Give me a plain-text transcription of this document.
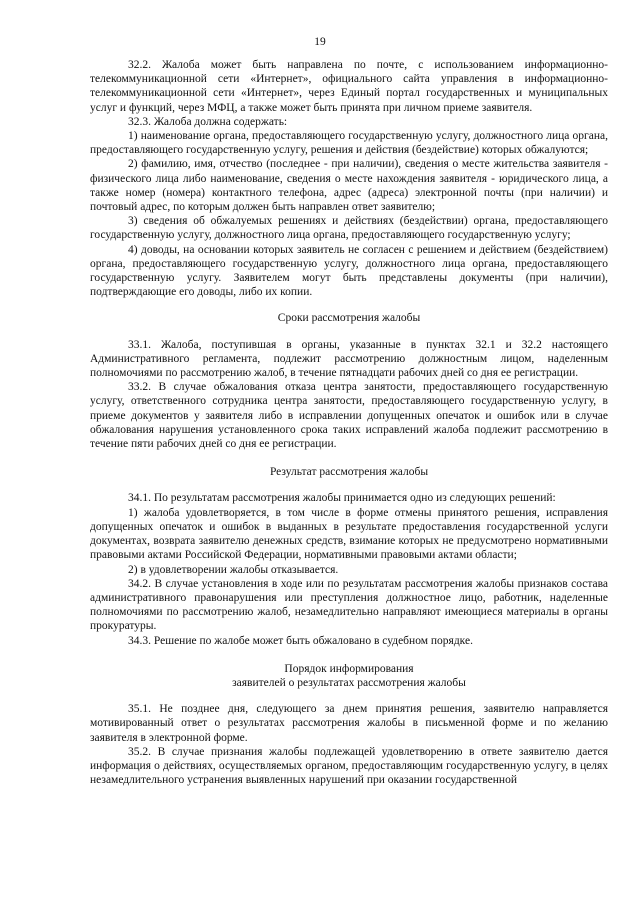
19

32.2. Жалоба может быть направлена по почте, с использованием информационно-телекоммуникационной сети «Интернет», официального сайта управления в информационно-телекоммуникационной сети «Интернет», через Единый портал государственных и муниципальных услуг и функций, через МФЦ, а также может быть принята при личном приеме заявителя.

32.3. Жалоба должна содержать:

1) наименование органа, предоставляющего государственную услугу, должностного лица органа, предоставляющего государственную услугу, решения и действия (бездействие) которых обжалуются;

2) фамилию, имя, отчество (последнее - при наличии), сведения о месте жительства заявителя - физического лица либо наименование, сведения о месте нахождения заявителя - юридического лица, а также номер (номера) контактного телефона, адрес (адреса) электронной почты (при наличии) и почтовый адрес, по которым должен быть направлен ответ заявителю;

3) сведения об обжалуемых решениях и действиях (бездействии) органа, предоставляющего государственную услугу, должностного лица органа, предоставляющего государственную услугу;

4) доводы, на основании которых заявитель не согласен с решением и действием (бездействием) органа, предоставляющего государственную услугу, должностного лица органа, предоставляющего государственную услугу. Заявителем могут быть представлены документы (при наличии), подтверждающие его доводы, либо их копии.

Сроки рассмотрения жалобы

33.1. Жалоба, поступившая в органы, указанные в пунктах 32.1 и 32.2 настоящего Административного регламента, подлежит рассмотрению должностным лицом, наделенным полномочиями по рассмотрению жалоб, в течение пятнадцати рабочих дней со дня ее регистрации.

33.2. В случае обжалования отказа центра занятости, предоставляющего государственную услугу, ответственного сотрудника центра занятости, предоставляющего государственную услугу, в приеме документов у заявителя либо в исправлении допущенных опечаток и ошибок или в случае обжалования нарушения установленного срока таких исправлений жалоба подлежит рассмотрению в течение пяти рабочих дней со дня ее регистрации.

Результат рассмотрения жалобы

34.1. По результатам рассмотрения жалобы принимается одно из следующих решений:

1) жалоба удовлетворяется, в том числе в форме отмены принятого решения, исправления допущенных опечаток и ошибок в выданных в результате предоставления государственной услуги документах, возврата заявителю денежных средств, взимание которых не предусмотрено нормативными правовыми актами Российской Федерации, нормативными правовыми актами области;

2) в удовлетворении жалобы отказывается.

34.2. В случае установления в ходе или по результатам рассмотрения жалобы признаков состава административного правонарушения или преступления должностное лицо, работник, наделенные полномочиями по рассмотрению жалоб, незамедлительно направляют имеющиеся материалы в органы прокуратуры.

34.3. Решение по жалобе может быть обжаловано в судебном порядке.

Порядок информирования

заявителей о результатах рассмотрения жалобы

35.1. Не позднее дня, следующего за днем принятия решения, заявителю направляется мотивированный ответ о результатах рассмотрения жалобы в письменной форме и по желанию заявителя в электронной форме.

35.2. В случае признания жалобы подлежащей удовлетворению в ответе заявителю дается информация о действиях, осуществляемых органом, предоставляющим государственную услугу, в целях незамедлительного устранения выявленных нарушений при оказании государственной
